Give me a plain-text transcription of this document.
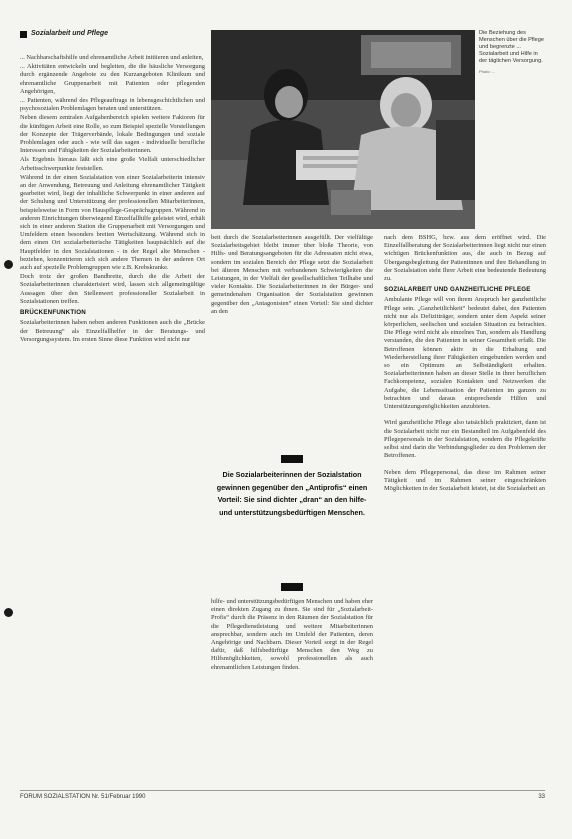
Sozialarbeit und Pflege

... Nachbarschaftshilfe und ehrenamtliche Arbeit initiieren und anleiten,

... Aktivitäten entwickeln und begleiten, die die häusliche Versorgung durch ergänzende Angebote zu den Kurzangeboten Klinikum und ehrenamtliche Gruppenarbeit mit Patienten oder pflegenden Angehörigen,

... Patienten, während des Pflegeauftrags in lebensgeschichtlichen und psychosozialen Problemlagen beraten und unterstützen.

Neben diesem zentralen Aufgabenbereich spielen weitere Faktoren für die künftigen Arbeit eine Rolle, so zum Beispiel spezielle Vorstellungen der Konzepte der Trägerverbände, lokale Bedingungen und soziale Problemlagen oder auch - wie will das sagen - individuelle berufliche Interessen und Fähigkeiten der Sozialarbeiterinnen.

Als Ergebnis hieraus läßt sich eine große Vielfalt unterschiedlicher Arbeitsschwerpunkte feststellen.

Während in der einen Sozialstation von einer Sozialarbeiterin intensiv an der Anwendung, Betreuung und Anleitung ehrenamtlicher Tätigkeit gearbeitet wird, liegt der inhaltliche Schwerpunkt in einer anderen auf der Schulung und Unterstützung der professionellen Mitarbeiterinnen, beispielsweise in Form von Hauspflege-Gesprächsgruppen. Während in anderen Einrichtungen überwiegend Einzelfallhilfe geleistet wird, erhält sich in einer anderen Station die Gruppenarbeit mit Versorgungen und Umfeldern einen besonders breiten Wertschätzung. Während sich in dem einen Ort sozialarbeiterische Tätigkeiten hauptsächlich auf die Hauptfelder in den Sozialstationen - in der Regel alte Menschen - beziehen, konzentrieren sich sich andere Themen in der anderen Ort auch auf spezielle Problemgruppen wie z.B. Krebskranke.

Doch trotz der großen Bandbreite, durch die die Arbeit der Sozialarbeiterinnen charakterisiert wird, lassen sich allgemeingültige Aussagen über den Stellenwert professioneller Sozialarbeit in Sozialstationen treffen.

BRÜCKENFUNKTION

Sozialarbeiterinnen haben neben anderen Funktionen auch die „Brücke der Betreuung“ als Einzelfallhelfer in der Beratungs- und Versorgungssystem. Im ersten Sinne diese Funktion wird nicht nur

Die Beziehung des Menschen über die Pflege und begrenzte ... Sozialarbeit und Hilfe in der täglichen Versorgung.
Photo: ...

beit durch die Sozialarbeiterinnen ausgefüllt. Der vielfältige Sozialarbeitsgebiet bleibt immer über bloße Theorie, von Hilfs- und Beratungsangeboten für die Adressaten nicht etwa, sondern im sozialen Bereich der Pflege setzt die Sozialarbeit bei älteren Menschen mit verbundenen Schwierigkeiten die Leistungen, in der Vielfalt der gesellschaftlichen Teilhabe und vieler Kontakte. Die Sozialarbeiterinnen in der Bürger- und gemeindenahen Organisation der Sozialstation gewinnen gegenüber den „Antagonisten“ einen Vorteil: Sie sind dichter an den

Die Sozialarbeiterinnen der Sozialstation gewinnen gegenüber den „Antiprofis“ einen Vorteil: Sie sind dichter „dran“ an den hilfe- und unterstützungsbedürftigen Menschen.

hilfe- und unterstützungsbedürftigen Menschen und haben eher einen direkten Zugang zu ihnen. Sie sind für „Sozialarbeit-Profis“ durch die Präsenz in den Räumen der Sozialstation für die Pflegedienstleistung und weitere Mitarbeiterinnen ansprechbar, sondern auch im Umfeld der Patienten, deren Angehörige und Nachbarn. Dieser Vorteil sorgt in der Regel dafür, daß hilfsbedürftige Menschen den Weg zu Hilfsmöglichkeiten, sowohl professionellen als auch ehrenamtlichen Leistungen finden.

nach dem BSHG, bzw. aus dem eröffnet wird. Die Einzelfallberatung der Sozialarbeiterinnen liegt nicht nur einen wichtigen Brückenfunktion aus, die auch in Bezug auf Übergangsbegleitung der Patientinnen und ihre Behandlung in der Sozialstation steht Ihrer Arbeit eine bedeutende Bedeutung zu.

SOZIALARBEIT UND GANZHEITLICHE PFLEGE

Ambulante Pflege will von ihrem Anspruch her ganzheitliche Pflege sein. „Ganzheitlichkeit“ bedeutet dabei, den Patienten nicht nur als Defizitträger, sondern unter dem Aspekt seiner körperlichen, seelischen und sozialen Situation zu betrachten. Die Pflege wird nicht als einzelnes Tun, sondern als Handlung verstanden, die den Patienten in seiner Gesamtheit erfaßt. Die Betroffenen können aktiv in die Erhaltung und Wiederherstellung ihrer Fähigkeiten eingebunden werden und so ein Optimum an Selbständigkeit erhalten. Sozialarbeiterinnen haben an dieser Stelle in ihrer beruflichen Fachkompetenz, sozialen Kontakten und Netzwerken die Aufgabe, die Lebenssituation der Patienten im ganzen zu betrachten und daraus entsprechende Hilfen und Unterstützungsmöglichkeiten anzubieten.

Wird ganzheitliche Pflege also tatsächlich praktiziert, dann ist die Sozialarbeit nicht nur ein Bestandteil im Aufgabenfeld des Pflegepersonals in der Sozialstation, sondern die Pflegekräfte selbst sind darin die Verbindungsglieder zu den Problemen der Betroffenen.

Neben dem Pflegepersonal, das diese im Rahmen seiner Tätigkeit und im Rahmen seiner eingeschränkten Möglichkeiten in der Sozialarbeit leistet, ist die Sozialarbeit an

FORUM SOZIALSTATION Nr. 51/Februar 1990	33
